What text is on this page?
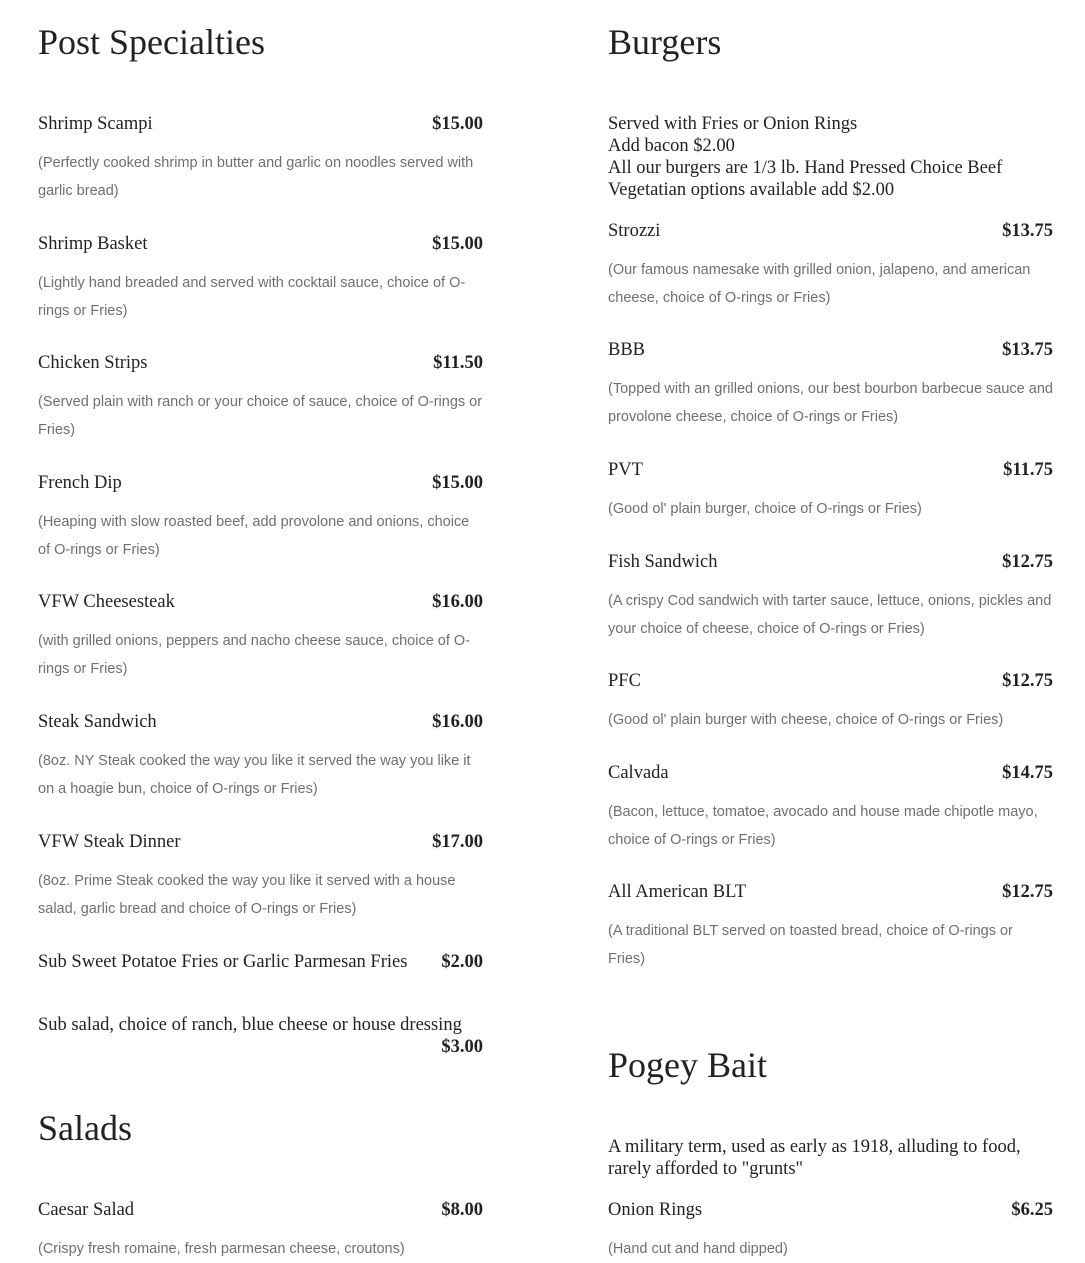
Post Specialties
Shrimp Scampi	$15.00
(Perfectly cooked shrimp in butter and garlic on noodles served with garlic bread)
Shrimp Basket	$15.00
(Lightly hand breaded and served with cocktail sauce, choice of O-rings or Fries)
Chicken Strips	$11.50
(Served plain with ranch or your choice of sauce, choice of O-rings or Fries)
French Dip	$15.00
(Heaping with slow roasted beef, add provolone and onions, choice of O-rings or Fries)
VFW Cheesesteak	$16.00
(with grilled onions, peppers and nacho cheese sauce, choice of O-rings or Fries)
Steak Sandwich	$16.00
(8oz. NY Steak cooked the way you like it served the way you like it on a hoagie bun, choice of O-rings or Fries)
VFW Steak Dinner	$17.00
(8oz. Prime Steak cooked the way you like it served with a house salad, garlic bread and choice of O-rings or Fries)
Sub Sweet Potatoe Fries or Garlic Parmesan Fries $2.00
Sub salad, choice of ranch, blue cheese or house dressing
$3.00
Salads
Caesar Salad	$8.00
(Crispy fresh romaine, fresh parmesan cheese, croutons)
Burgers
Served with Fries or Onion Rings
Add bacon $2.00
All our burgers are 1/3 lb. Hand Pressed Choice Beef
Vegetatian options available add $2.00
Strozzi	$13.75
(Our famous namesake with grilled onion, jalapeno, and american cheese, choice of O-rings or Fries)
BBB	$13.75
(Topped with an grilled onions, our best bourbon barbecue sauce and provolone cheese, choice of O-rings or Fries)
PVT	$11.75
(Good ol' plain burger, choice of O-rings or Fries)
Fish Sandwich	$12.75
(A crispy Cod sandwich with tarter sauce, lettuce, onions, pickles and your choice of cheese, choice of O-rings or Fries)
PFC	$12.75
(Good ol' plain burger with cheese, choice of O-rings or Fries)
Calvada	$14.75
(Bacon, lettuce, tomatoe, avocado and house made chipotle mayo, choice of O-rings or Fries)
All American BLT	$12.75
(A traditional BLT served on toasted bread, choice of O-rings or Fries)
Pogey Bait
A military term, used as early as 1918, alluding to food,
rarely afforded to "grunts"
Onion Rings	$6.25
(Hand cut and hand dipped)
